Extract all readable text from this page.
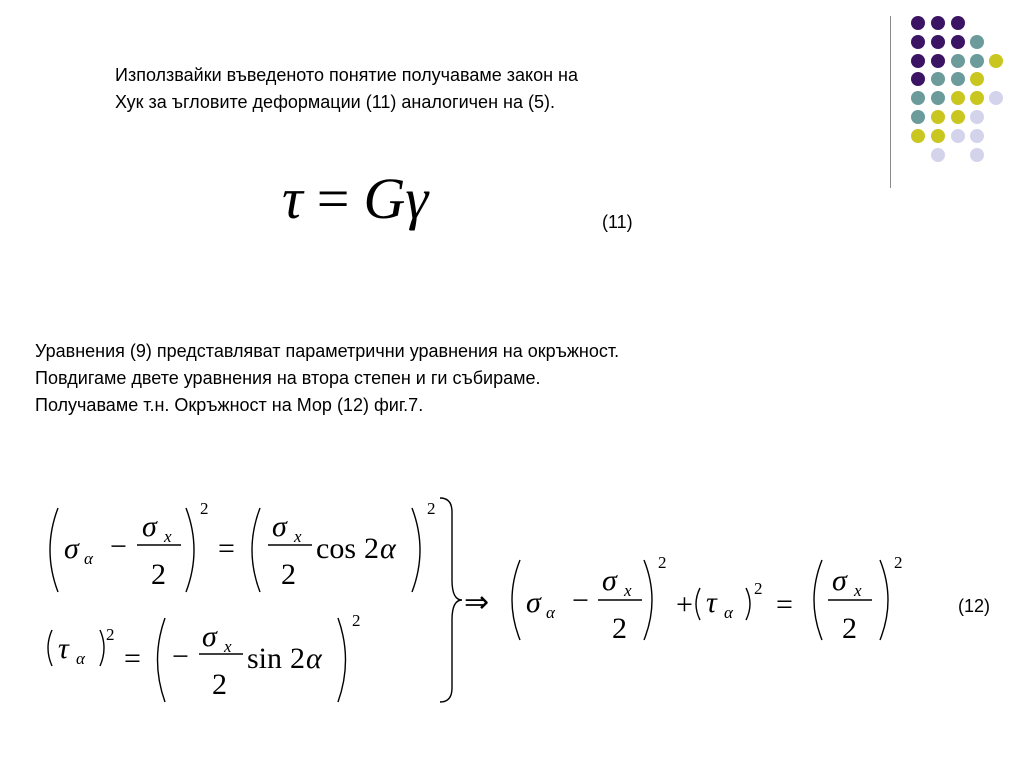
Използвайки въведеното понятие получаваме закон на
Хук за ъгловите деформации (11) аналогичен на (5).

τ = Gγ	(11)

Уравнения (9) представляват параметрични уравнения на окръжност.
Повдигаме двете уравнения на втора степен и ги събираме.
Получаваме т.н. Окръжност на Мор (12) фиг.7.

σ α −
σ x
2
2
=
σ x
2
cos 2 α
2
τ α
2
= −
σ x
2
sin 2 α
2
⇒ σ α −
σ x
2
2
+ τ α
2 =
σ x
2
2
(12)
